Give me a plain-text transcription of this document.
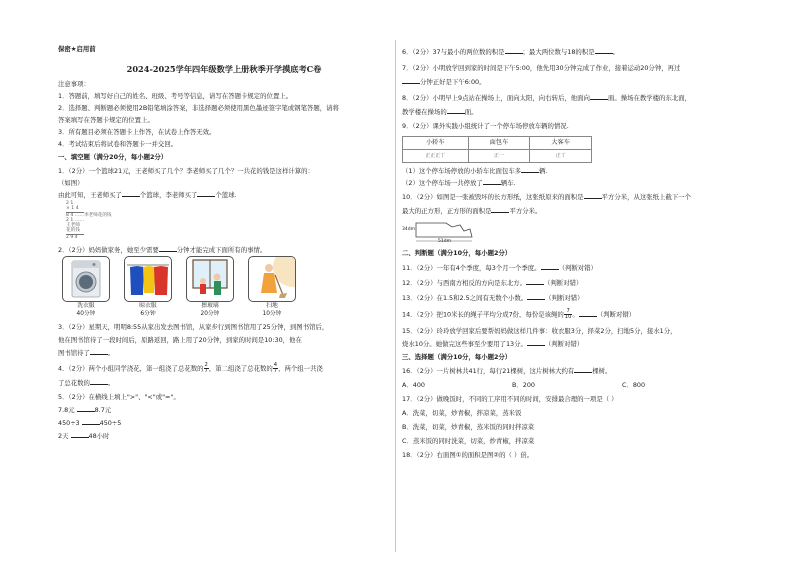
保密★启用前
2024-2025学年四年级数学上册秋季开学摸底考C卷

注意事项：

1．答题前，填写好自己的姓名、班级、考号等信息，请写在答题卡规定的位置上。

2．选择题、判断题必须使用2B铅笔填涂答案，非选择题必须使用黑色墨迹签字笔或钢笔答题，请将

答案填写在答题卡规定的位置上。

3．所有题目必须在答题卡上作答，在试卷上作答无效。

4．考试结束后将试卷和答题卡一并交回。

一、填空题（满分20分，每小题2分）

1．（2分）一个篮球21元，王老师买了几个？李老师买了几个？一共花的钱是这样计算的：

（如图）

由此可知，王老师买了	个篮球，李老师买了	个篮球.

2 1
× 1 4
8 4 ……李老师花的钱
2 1 ……王老师花的钱
2 9 4

2．（2分）妈妈做家务，她至少需要	分钟才能完成下面所有的事情。

洗衣服
40分钟
晾衣服
6分钟
擦玻璃
20分钟
扫地
10分钟

3．（2分）星期天，明明8:55从家出发去图书馆，从家步行到图书馆用了25分钟，到图书馆后，

他在图书馆待了一段时间后，原路返回，路上用了20分钟，到家的时间是10:30，他在

图书馆待了	。

4．（2分）两个小组同学浇花，第一组浇了总花数的 $\frac{2}{7}$ ，第二组浇了总花数的 $\frac{4}{7}$ ，两个组一共浇

了总花数的	。

5．（2分）在横线上填上">"、"<"或"="。

7.8元	8.7元

450÷3	450÷5

2天	48小时

6．（2分）37与最小的两位数的积是	；最大两位数与18的积是	。

7．（2分）小明放学回到家的时间是下午5:00，他先用30分钟完成了作业，接着运动20分钟，再过

分钟正好是下午6:00。

8．（2分）小明早上9点站在操场上，面向太阳，向右转后，他面向	面。操场在教学楼的东北面，

教学楼在操场的	面。

9．（2分）课外实践小组统计了一个停车场停放车辆的情况.

小轿车	面包车	大客车
正正正丅	正一	正丅

（1）这个停车场停放的小轿车比面包车多	辆.

（2）这个停车场一共停放了	辆车.

10．（2分）如图是一张被毁坏的长方形纸，这张纸原来的面积是	平方分米，从这张纸上截下一个

最大的正方形，正方形的面积是	平方分米。

34dm
51dm

二、判断题（满分10分，每小题2分）

11．（2分）一年有4个季度，每3个月一个季度。	（判断对错）

12．（2分）与西南方相反的方向是东北方。	（判断对错）

13．（2分）在1.5和2.5之间有无数个小数。	（判断对错）

14．（2分）把10米长的绳子平均分成7份，每份是该绳的 $\frac{7}{10}$ 。	（判断对错）

15．（2分）玲玲放学回家后要帮妈妈做这样几件事：收衣服3分，择菜2分，扫地5分，接水1分，

烧水10分。她做完这些事至少要用了13分。	（判断对错）

三、选择题（满分10分，每小题2分）

16．（2分）一片树林共41行，每行21棵树，这片树林大约有	棵树。

A．400	B．200	C．800

17．（2分）做晚饭时，不同的工序用不同的时间，安排最合理的一项是（ ）

A．洗菜，切菜，炒青椒，拌凉菜，蒸米饭

B．洗菜，切菜，炒青椒，蒸米饭的同时拌凉菜

C．蒸米饭的同时洗菜，切菜，炒青椒，拌凉菜

18．（2分）右面图①的面积是图②的（ ）倍。
